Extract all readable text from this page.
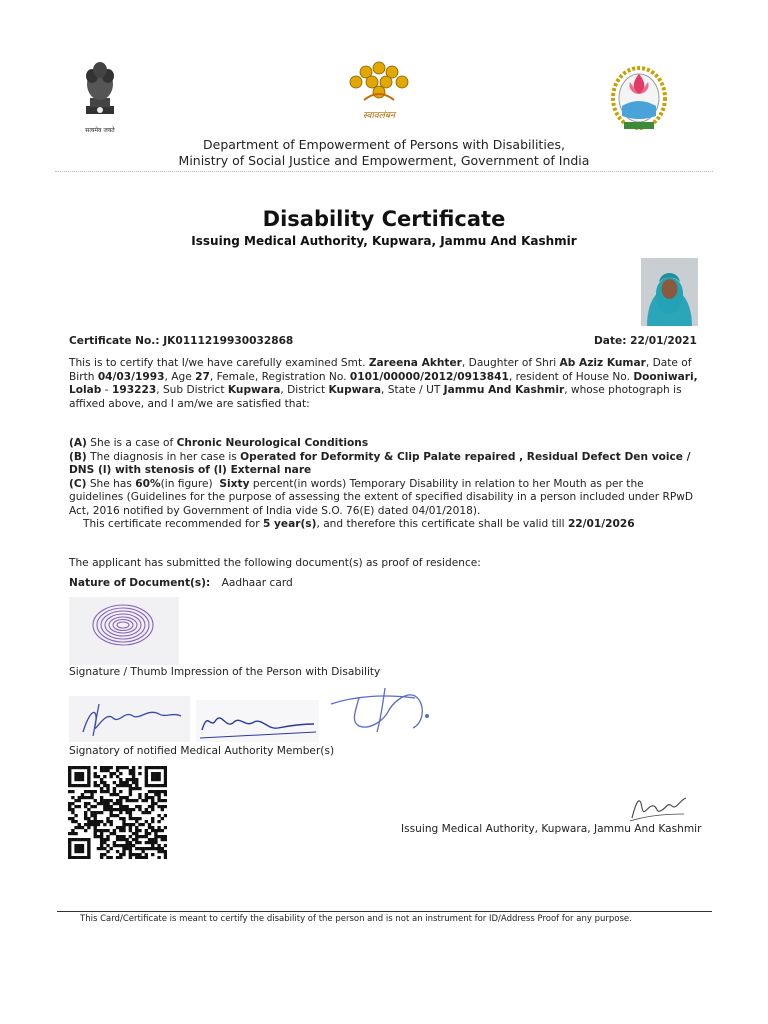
सत्यमेव जयते
स्वावलंबन
Department of Empowerment of Persons with Disabilities,
Ministry of Social Justice and Empowerment, Government of India
Disability Certificate
Issuing Medical Authority, Kupwara, Jammu And Kashmir
Certificate No.: JK0111219930032868	Date: 22/01/2021
This is to certify that I/we have carefully examined Smt. Zareena Akhter, Daughter of Shri Ab Aziz Kumar, Date of Birth 04/03/1993, Age 27, Female, Registration No. 0101/00000/2012/0913841, resident of House No. Dooniwari, Lolab - 193223, Sub District Kupwara, District Kupwara, State / UT Jammu And Kashmir, whose photograph is affixed above, and I am/we are satisfied that:
(A) She is a case of Chronic Neurological Conditions
(B) The diagnosis in her case is Operated for Deformity & Clip Palate repaired , Residual Defect Den voice / DNS (l) with stenosis of (l) External nare
(C) She has 60%(in figure)  Sixty percent(in words) Temporary Disability in relation to her Mouth as per the guidelines (Guidelines for the purpose of assessing the extent of specified disability in a person included under RPwD Act, 2016 notified by Government of India vide S.O. 76(E) dated 04/01/2018).
This certificate recommended for 5 year(s), and therefore this certificate shall be valid till 22/01/2026
The applicant has submitted the following document(s) as proof of residence:
Nature of Document(s): Aadhaar card
Signature / Thumb Impression of the Person with Disability
Signatory of notified Medical Authority Member(s)
Issuing Medical Authority, Kupwara, Jammu And Kashmir
This Card/Certificate is meant to certify the disability of the person and is not an instrument for ID/Address Proof for any purpose.
